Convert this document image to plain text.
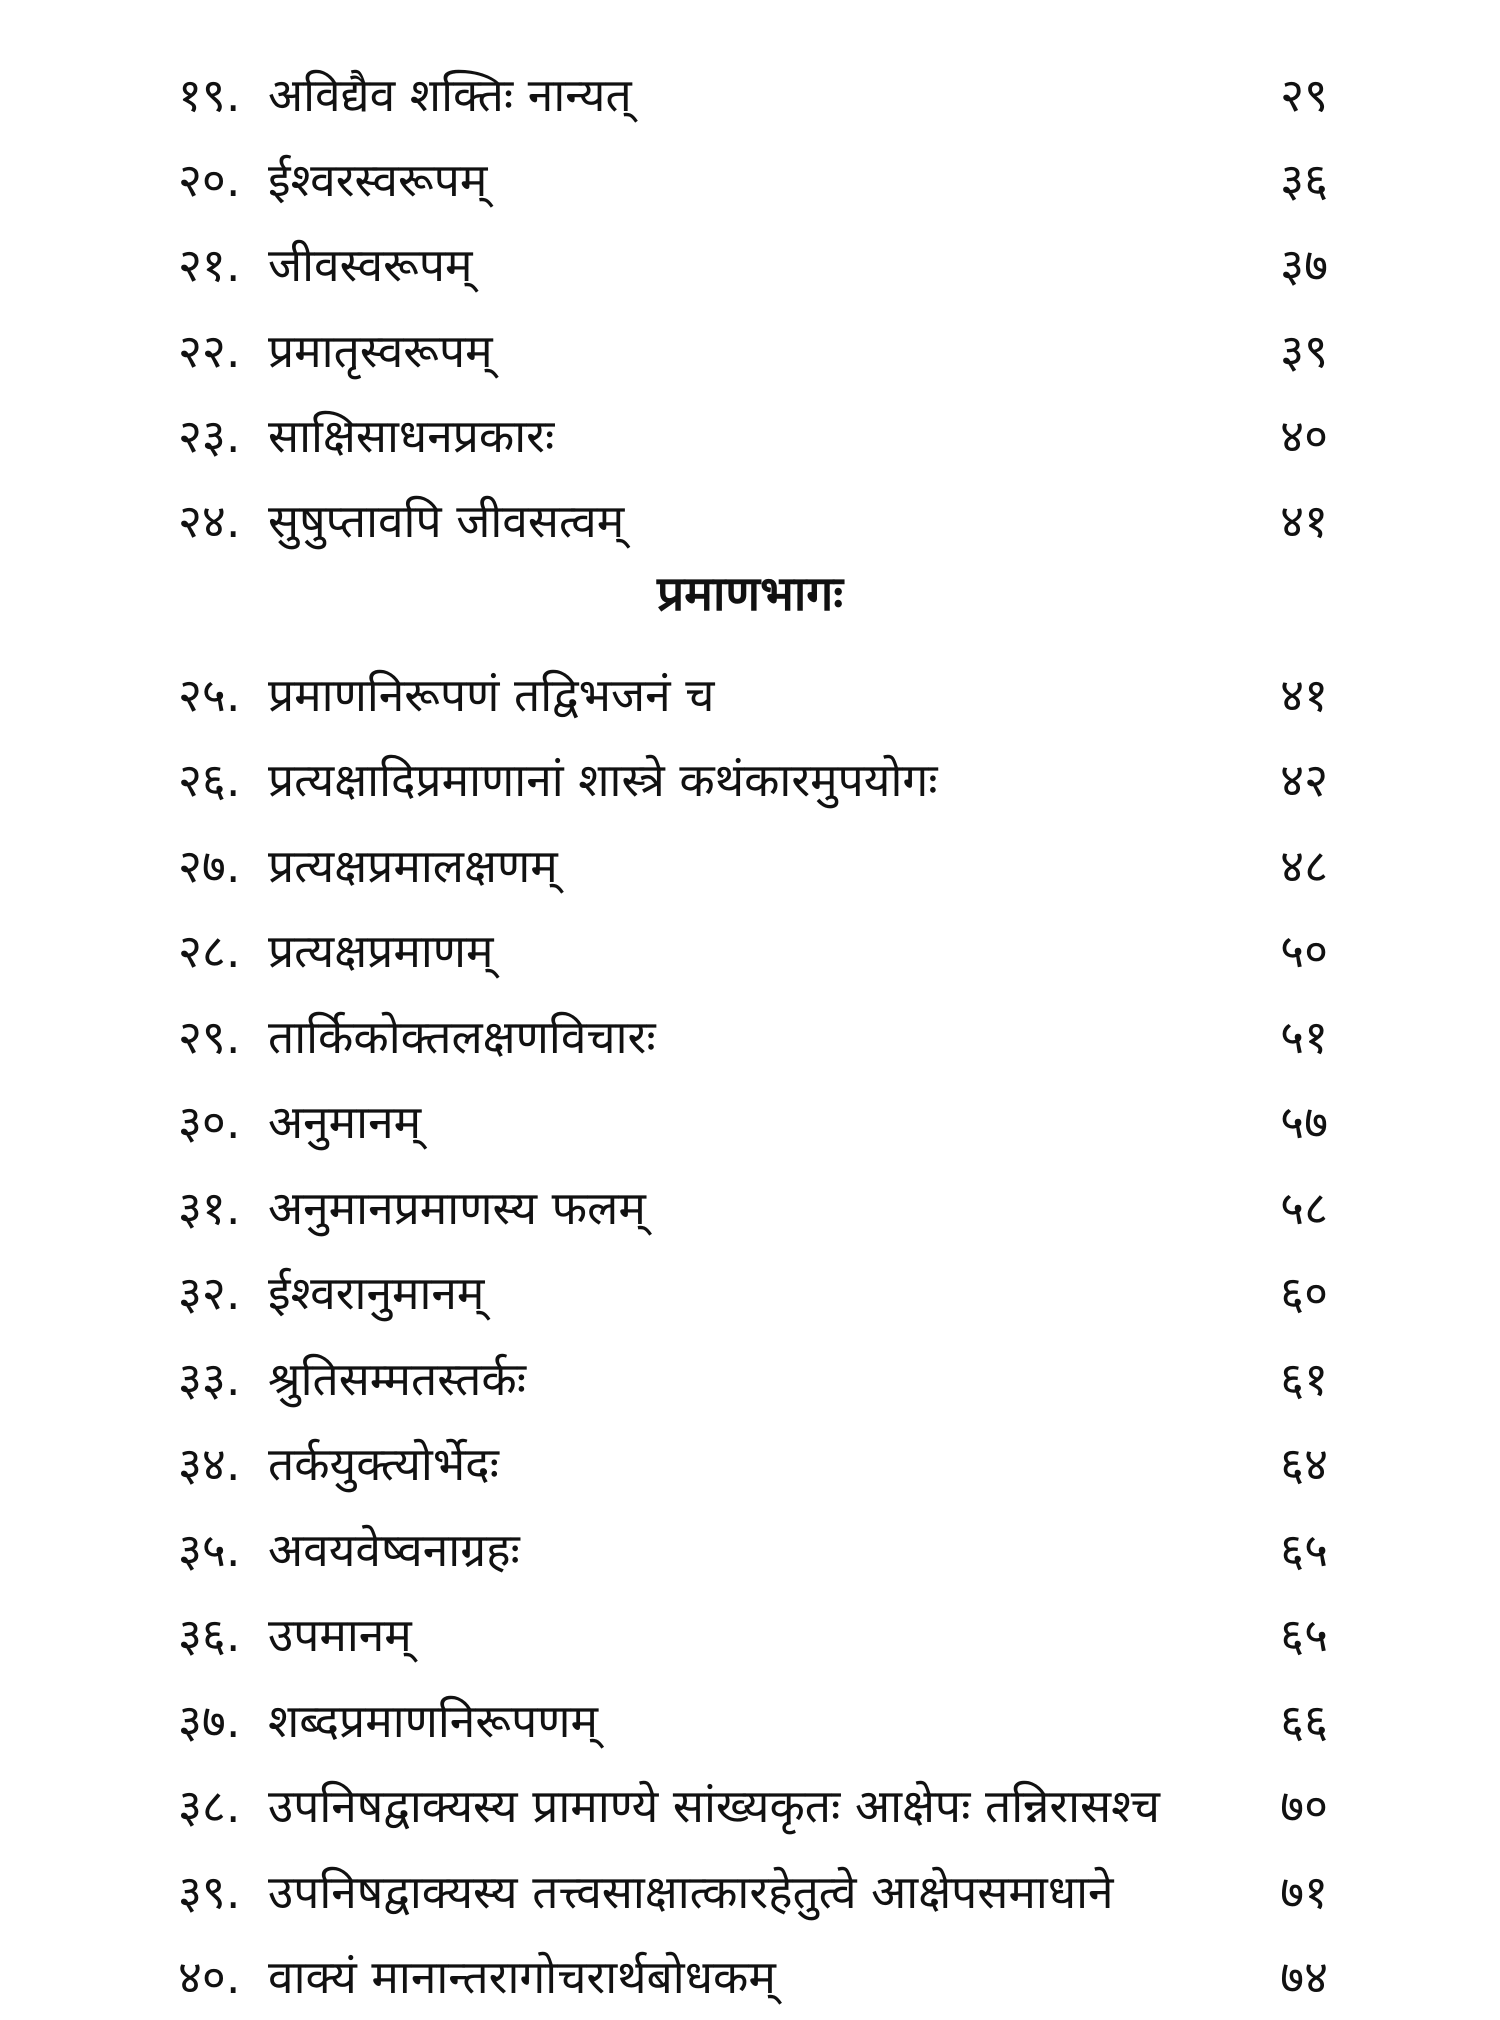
१९. अविद्यैव शक्तिः नान्यत्	२९
२०. ईश्वरस्वरूपम्	३६
२१. जीवस्वरूपम्	३७
२२. प्रमातृस्वरूपम्	३९
२३. साक्षिसाधनप्रकारः	४०
२४. सुषुप्तावपि जीवसत्वम्	४१
प्रमाणभागः
२५. प्रमाणनिरूपणं तद्विभजनं च	४१
२६. प्रत्यक्षादिप्रमाणानां शास्त्रे कथंकारमुपयोगः	४२
२७. प्रत्यक्षप्रमालक्षणम्	४८
२८. प्रत्यक्षप्रमाणम्	५०
२९. तार्किकोक्तलक्षणविचारः	५१
३०. अनुमानम्	५७
३१. अनुमानप्रमाणस्य फलम्	५८
३२. ईश्वरानुमानम्	६०
३३. श्रुतिसम्मतस्तर्कः	६१
३४. तर्कयुक्त्योर्भेदः	६४
३५. अवयवेष्वनाग्रहः	६५
३६. उपमानम्	६५
३७. शब्दप्रमाणनिरूपणम्	६६
३८. उपनिषद्वाक्यस्य प्रामाण्ये सांख्यकृतः आक्षेपः तन्निरासश्च	७०
३९. उपनिषद्वाक्यस्य तत्त्वसाक्षात्कारहेतुत्वे आक्षेपसमाधाने	७१
४०. वाक्यं मानान्तरागोचरार्थबोधकम्	७४
